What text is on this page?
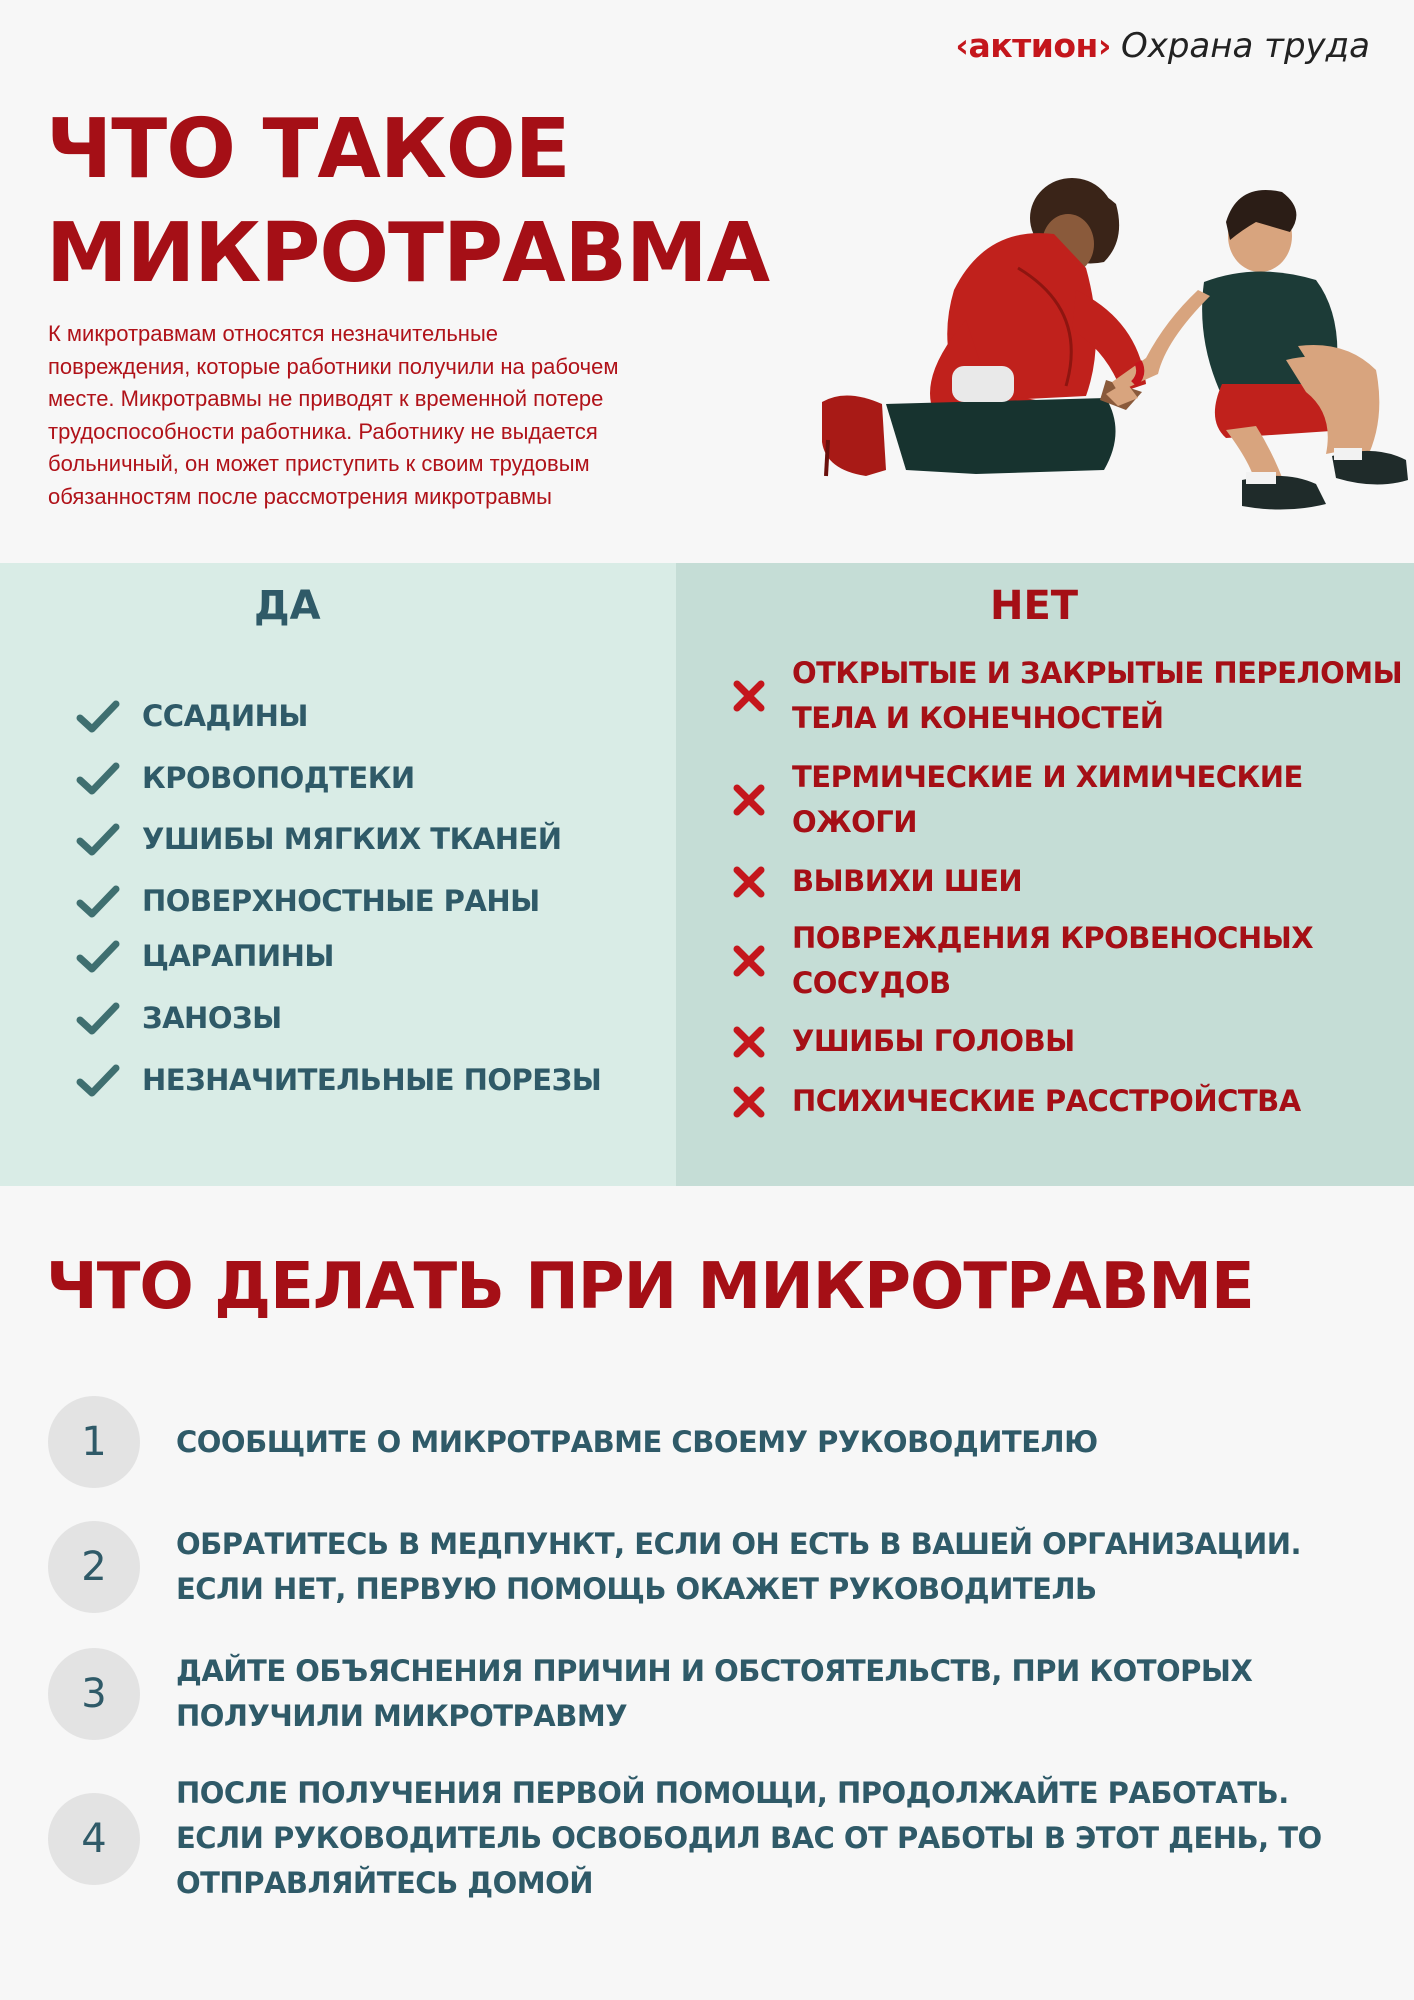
‹актион› Охрана труда
ЧТО ТАКОЕ
МИКРОТРАВМА
К микротравмам относятся незначительные
повреждения, которые работники получили на рабочем
месте. Микротравмы не приводят к временной потере
трудоспособности работника. Работнику не выдается
больничный, он может приступить к своим трудовым
обязанностям после рассмотрения микротравмы
ДА
ССАДИНЫ
КРОВОПОДТЕКИ
УШИБЫ МЯГКИХ ТКАНЕЙ
ПОВЕРХНОСТНЫЕ РАНЫ
ЦАРАПИНЫ
ЗАНОЗЫ
НЕЗНАЧИТЕЛЬНЫЕ ПОРЕЗЫ
НЕТ
ОТКРЫТЫЕ И ЗАКРЫТЫЕ ПЕРЕЛОМЫ
ТЕЛА И КОНЕЧНОСТЕЙ
ТЕРМИЧЕСКИЕ И ХИМИЧЕСКИЕ
ОЖОГИ
ВЫВИХИ ШЕИ
ПОВРЕЖДЕНИЯ КРОВЕНОСНЫХ
СОСУДОВ
УШИБЫ ГОЛОВЫ
ПСИХИЧЕСКИЕ РАССТРОЙСТВА
ЧТО ДЕЛАТЬ ПРИ МИКРОТРАВМЕ
1	СООБЩИТЕ О МИКРОТРАВМЕ СВОЕМУ РУКОВОДИТЕЛЮ
2	ОБРАТИТЕСЬ В МЕДПУНКТ, ЕСЛИ ОН ЕСТЬ В ВАШЕЙ ОРГАНИЗАЦИИ.
ЕСЛИ НЕТ, ПЕРВУЮ ПОМОЩЬ ОКАЖЕТ РУКОВОДИТЕЛЬ
3	ДАЙТЕ ОБЪЯСНЕНИЯ ПРИЧИН И ОБСТОЯТЕЛЬСТВ, ПРИ КОТОРЫХ
ПОЛУЧИЛИ МИКРОТРАВМУ
4
ПОСЛЕ ПОЛУЧЕНИЯ ПЕРВОЙ ПОМОЩИ, ПРОДОЛЖАЙТЕ РАБОТАТЬ.
ЕСЛИ РУКОВОДИТЕЛЬ ОСВОБОДИЛ ВАС ОТ РАБОТЫ В ЭТОТ ДЕНЬ, ТО
ОТПРАВЛЯЙТЕСЬ ДОМОЙ
